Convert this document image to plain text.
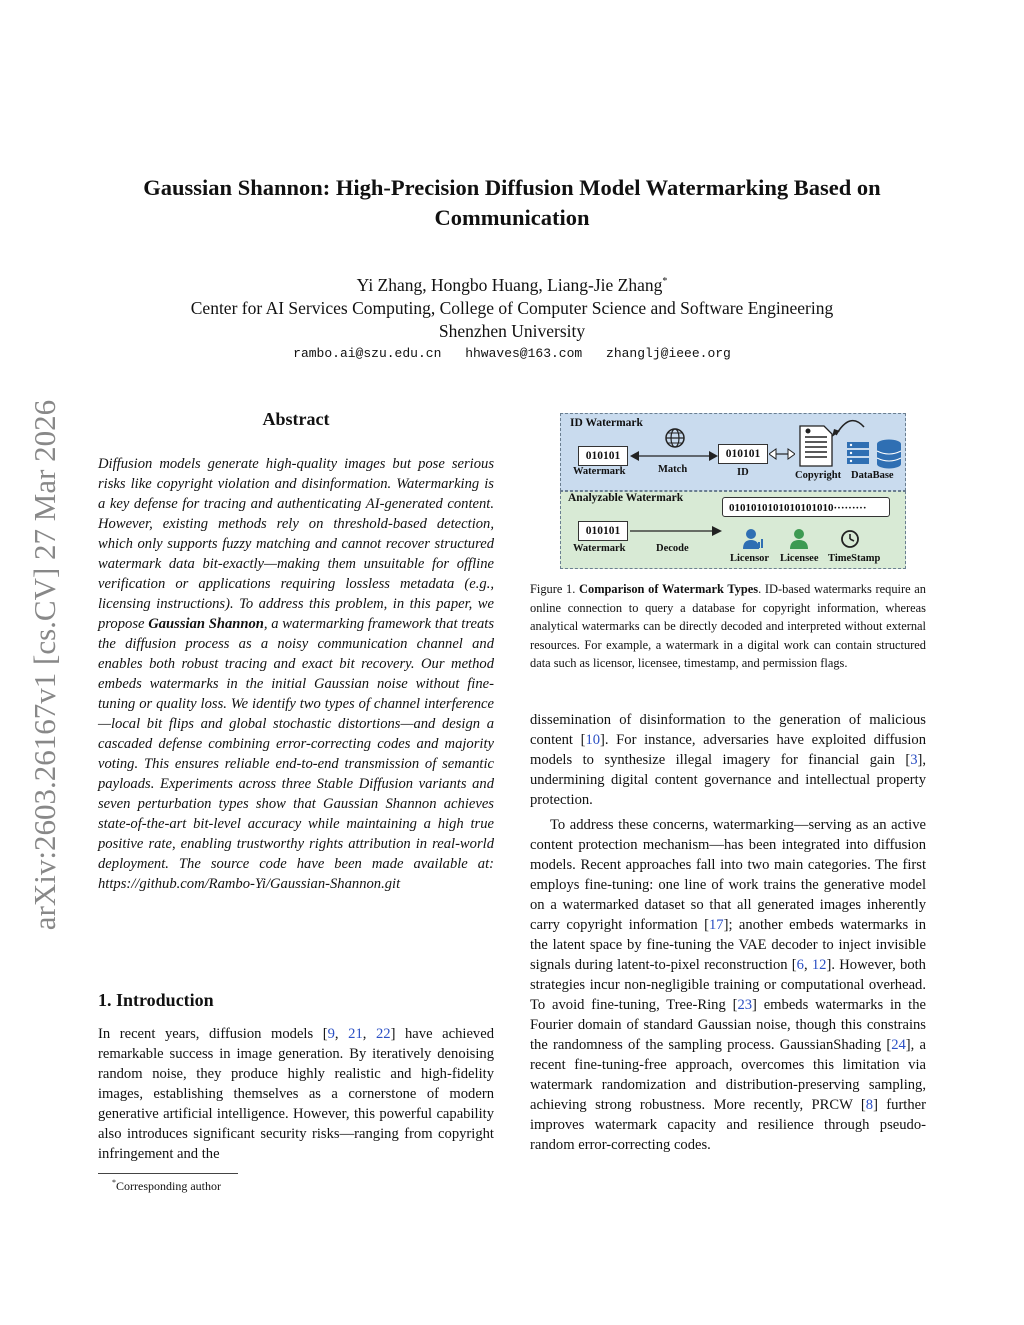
arXiv:2603.26167v1 [cs.CV] 27 Mar 2026
Gaussian Shannon: High-Precision Diffusion Model Watermarking Based on
Communication
Yi Zhang, Hongbo Huang, Liang-Jie Zhang*
Center for AI Services Computing, College of Computer Science and Software Engineering
Shenzhen University
rambo.ai@szu.edu.cn hhwaves@163.com zhanglj@ieee.org
Abstract
Diffusion models generate high-quality images but pose serious risks like copyright violation and disinformation. Watermarking is a key defense for tracing and authenticating AI-generated content. However, existing methods rely on threshold-based detection, which only supports fuzzy matching and cannot recover structured watermark data bit-exactly—making them unsuitable for offline verification or applications requiring lossless metadata (e.g., licensing instructions). To address this problem, in this paper, we propose Gaussian Shannon, a watermarking framework that treats the diffusion process as a noisy communication channel and enables both robust tracing and exact bit recovery. Our method embeds watermarks in the initial Gaussian noise without fine-tuning or quality loss. We identify two types of channel interference—local bit flips and global stochastic distortions—and design a cascaded defense combining error-correcting codes and majority voting. This ensures reliable end-to-end transmission of semantic payloads. Experiments across three Stable Diffusion variants and seven perturbation types show that Gaussian Shannon achieves state-of-the-art bit-level accuracy while maintaining a high true positive rate, enabling trustworthy rights attribution in real-world deployment. The source code have been made available at: https://github.com/Rambo-Yi/Gaussian-Shannon.git
1. Introduction
In recent years, diffusion models [9, 21, 22] have achieved remarkable success in image generation. By iteratively denoising random noise, they produce highly realistic and high-fidelity images, establishing themselves as a cornerstone of modern generative artificial intelligence. However, this powerful capability also introduces significant security risks—ranging from copyright infringement and the
*Corresponding author
ID Watermark
010101
Watermark	Match
010101
ID	Copyright DataBase
Analyzable Watermark
010101
Watermark	Decode
0101010101010101010·········
Licensor Licensee TimeStamp
Figure 1. Comparison of Watermark Types. ID-based watermarks require an online connection to query a database for copyright information, whereas analytical watermarks can be directly decoded and interpreted without external resources. For example, a watermark in a digital work can contain structured data such as licensor, licensee, timestamp, and permission flags.
dissemination of disinformation to the generation of malicious content [10]. For instance, adversaries have exploited diffusion models to synthesize illegal imagery for financial gain [3], undermining digital content governance and intellectual property protection.
To address these concerns, watermarking—serving as an active content protection mechanism—has been integrated into diffusion models. Recent approaches fall into two main categories. The first employs fine-tuning: one line of work trains the generative model on a watermarked dataset so that all generated images inherently carry copyright information [17]; another embeds watermarks in the latent space by fine-tuning the VAE decoder to inject invisible signals during latent-to-pixel reconstruction [6, 12]. However, both strategies incur non-negligible training or computational overhead. To avoid fine-tuning, Tree-Ring [23] embeds watermarks in the Fourier domain of standard Gaussian noise, though this constrains the randomness of the sampling process. GaussianShading [24], a recent fine-tuning-free approach, overcomes this limitation via watermark randomization and distribution-preserving sampling, achieving strong robustness. More recently, PRCW [8] further improves watermark capacity and resilience through pseudo-random error-correcting codes.
